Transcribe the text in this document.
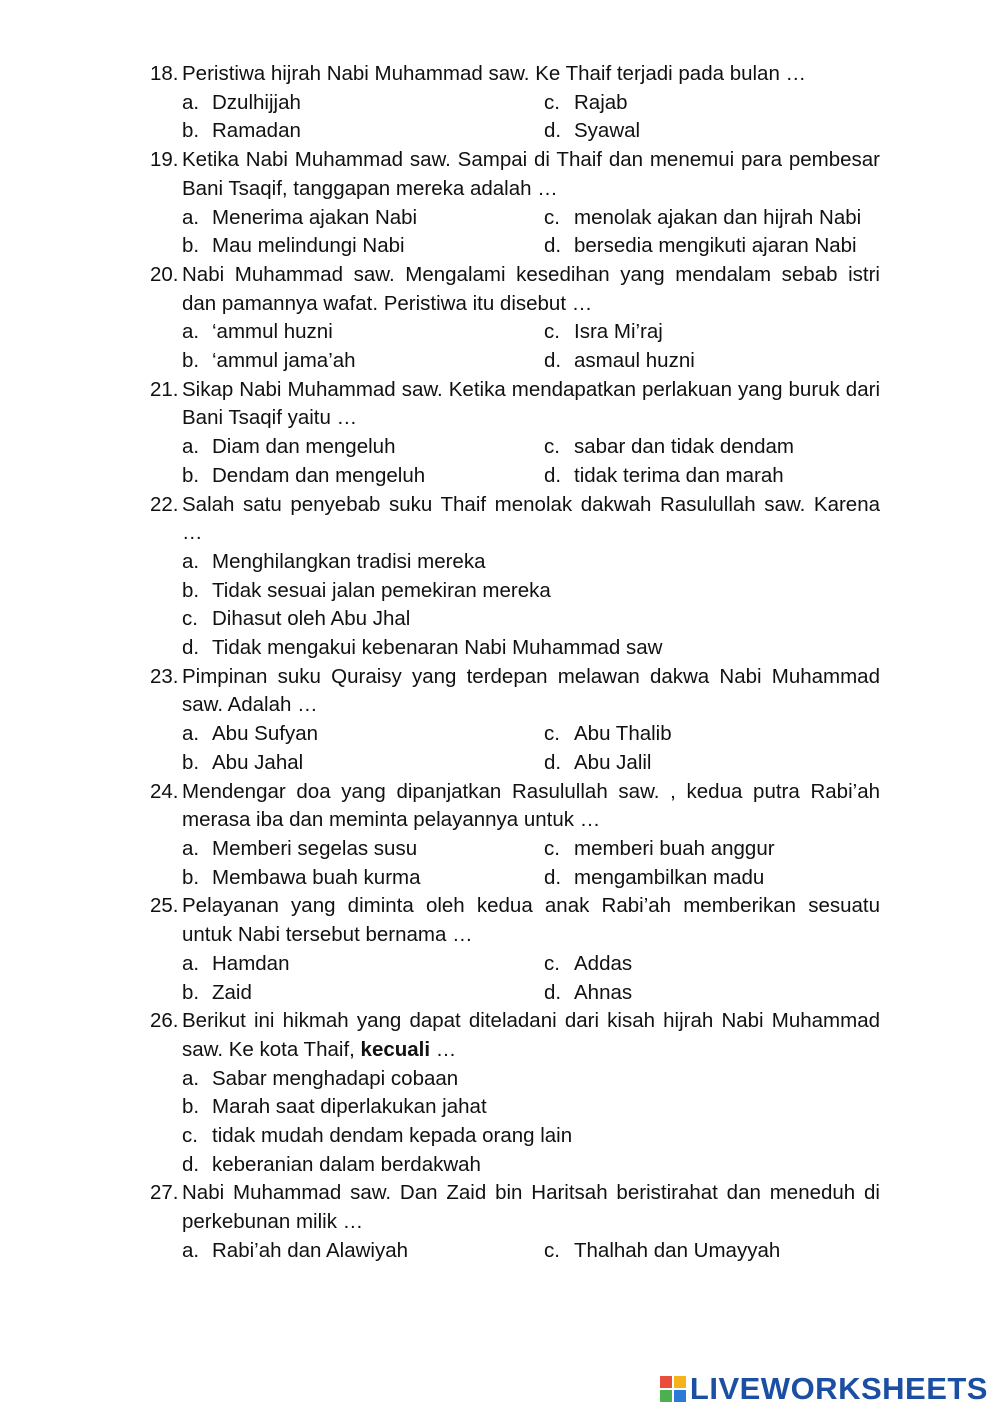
18. Peristiwa hijrah Nabi Muhammad saw. Ke Thaif terjadi pada bulan …
a. Dzulhijjah	c. Rajab
b. Ramadan	d. Syawal
19. Ketika Nabi Muhammad saw. Sampai di Thaif dan menemui para pembesar Bani Tsaqif, tanggapan mereka adalah …
a. Menerima ajakan Nabi	c. menolak ajakan dan hijrah Nabi
b. Mau melindungi Nabi	d. bersedia mengikuti ajaran Nabi
20. Nabi Muhammad saw. Mengalami kesedihan yang mendalam sebab istri dan pamannya wafat. Peristiwa itu disebut …
a. ‘ammul huzni	c. Isra Mi’raj
b. ‘ammul jama’ah	d. asmaul huzni
21. Sikap Nabi Muhammad saw. Ketika mendapatkan perlakuan yang buruk dari Bani Tsaqif yaitu …
a. Diam dan mengeluh	c. sabar dan tidak dendam
b. Dendam dan mengeluh	d. tidak terima dan marah
22. Salah satu penyebab suku Thaif menolak dakwah Rasulullah saw. Karena …
a. Menghilangkan tradisi mereka
b. Tidak sesuai jalan pemekiran mereka
c. Dihasut oleh Abu Jhal
d. Tidak mengakui kebenaran Nabi Muhammad saw
23. Pimpinan suku Quraisy yang terdepan melawan dakwa Nabi Muhammad saw. Adalah …
a. Abu Sufyan	c. Abu Thalib
b. Abu Jahal	d. Abu Jalil
24. Mendengar doa yang dipanjatkan Rasulullah saw. , kedua putra Rabi’ah merasa iba dan meminta pelayannya untuk …
a. Memberi segelas susu	c. memberi buah anggur
b. Membawa buah kurma	d. mengambilkan madu
25. Pelayanan yang diminta oleh kedua anak Rabi’ah memberikan sesuatu untuk Nabi tersebut bernama …
a. Hamdan	c. Addas
b. Zaid	d. Ahnas
26. Berikut ini hikmah yang dapat diteladani dari kisah hijrah Nabi Muhammad saw. Ke kota Thaif, kecuali …
a. Sabar menghadapi cobaan
b. Marah saat diperlakukan jahat
c. tidak mudah dendam kepada orang lain
d. keberanian dalam berdakwah
27. Nabi Muhammad saw. Dan Zaid bin Haritsah beristirahat dan meneduh di perkebunan milik …
a. Rabi’ah dan Alawiyah	c. Thalhah dan Umayyah
LIVEWORKSHEETS
